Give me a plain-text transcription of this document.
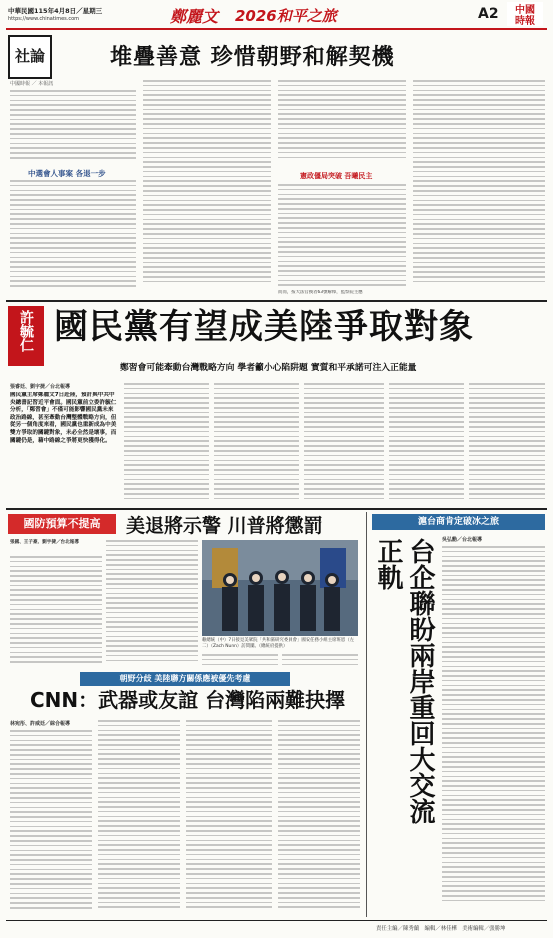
中華民國115年4月8日／星期三
https://www.chinatimes.com	鄭麗文 2026和平之旅	A2 中國
時報
社論	堆疊善意 珍惜朝野和解契機
中國時報 ／ 本報訊
中選會人事案 各退一步	憲政僵局突破 吾曦民主
而而，按大法官換者63號解釋，監察院主應
許毓仁 國民黨有望成美陸爭取對象
鄭習會可能牽動台灣戰略方向 學者籲小心陷阱題 實質和平承諾可注入正能量
張睿廷、劉宇捷／台北報導
國民黨主席鄭麗文7日赴陸，預計與中共中央總書記習近平會面。國民黨前立委許毓仁分析，「鄭習會」不僅可能影響國民黨未來政治路線，甚至牽動台灣整體戰略方向，但從另一個角度來看，國民黨也重新成為中美雙方爭取的關鍵對象，未必全然是壞事，而關鍵仍是，藉中路線之爭將更快獲得化。
國防預算不提高	美退將示警 川普將懲罰
張國、王子豪、劉宇捷／台北報導
賴總統（中）7日接見美眾院「共和黨研究委員會」國安任務小組主席班恩（左二）（Zach Nunn）訪問團。（總統府提供）
滬台商肯定破冰之旅
台企聯盼兩岸重回大交流正軌	吳弘勳／台北報導
朝野分歧 美陸聯方關係應被優先考慮
CNN：武器或友誼 台灣陷兩難抉擇
林宛彤、許威廷／綜合報導
責任主編／陳秀蘭　編輯／林佳樺　美術編輯／張勝坤
